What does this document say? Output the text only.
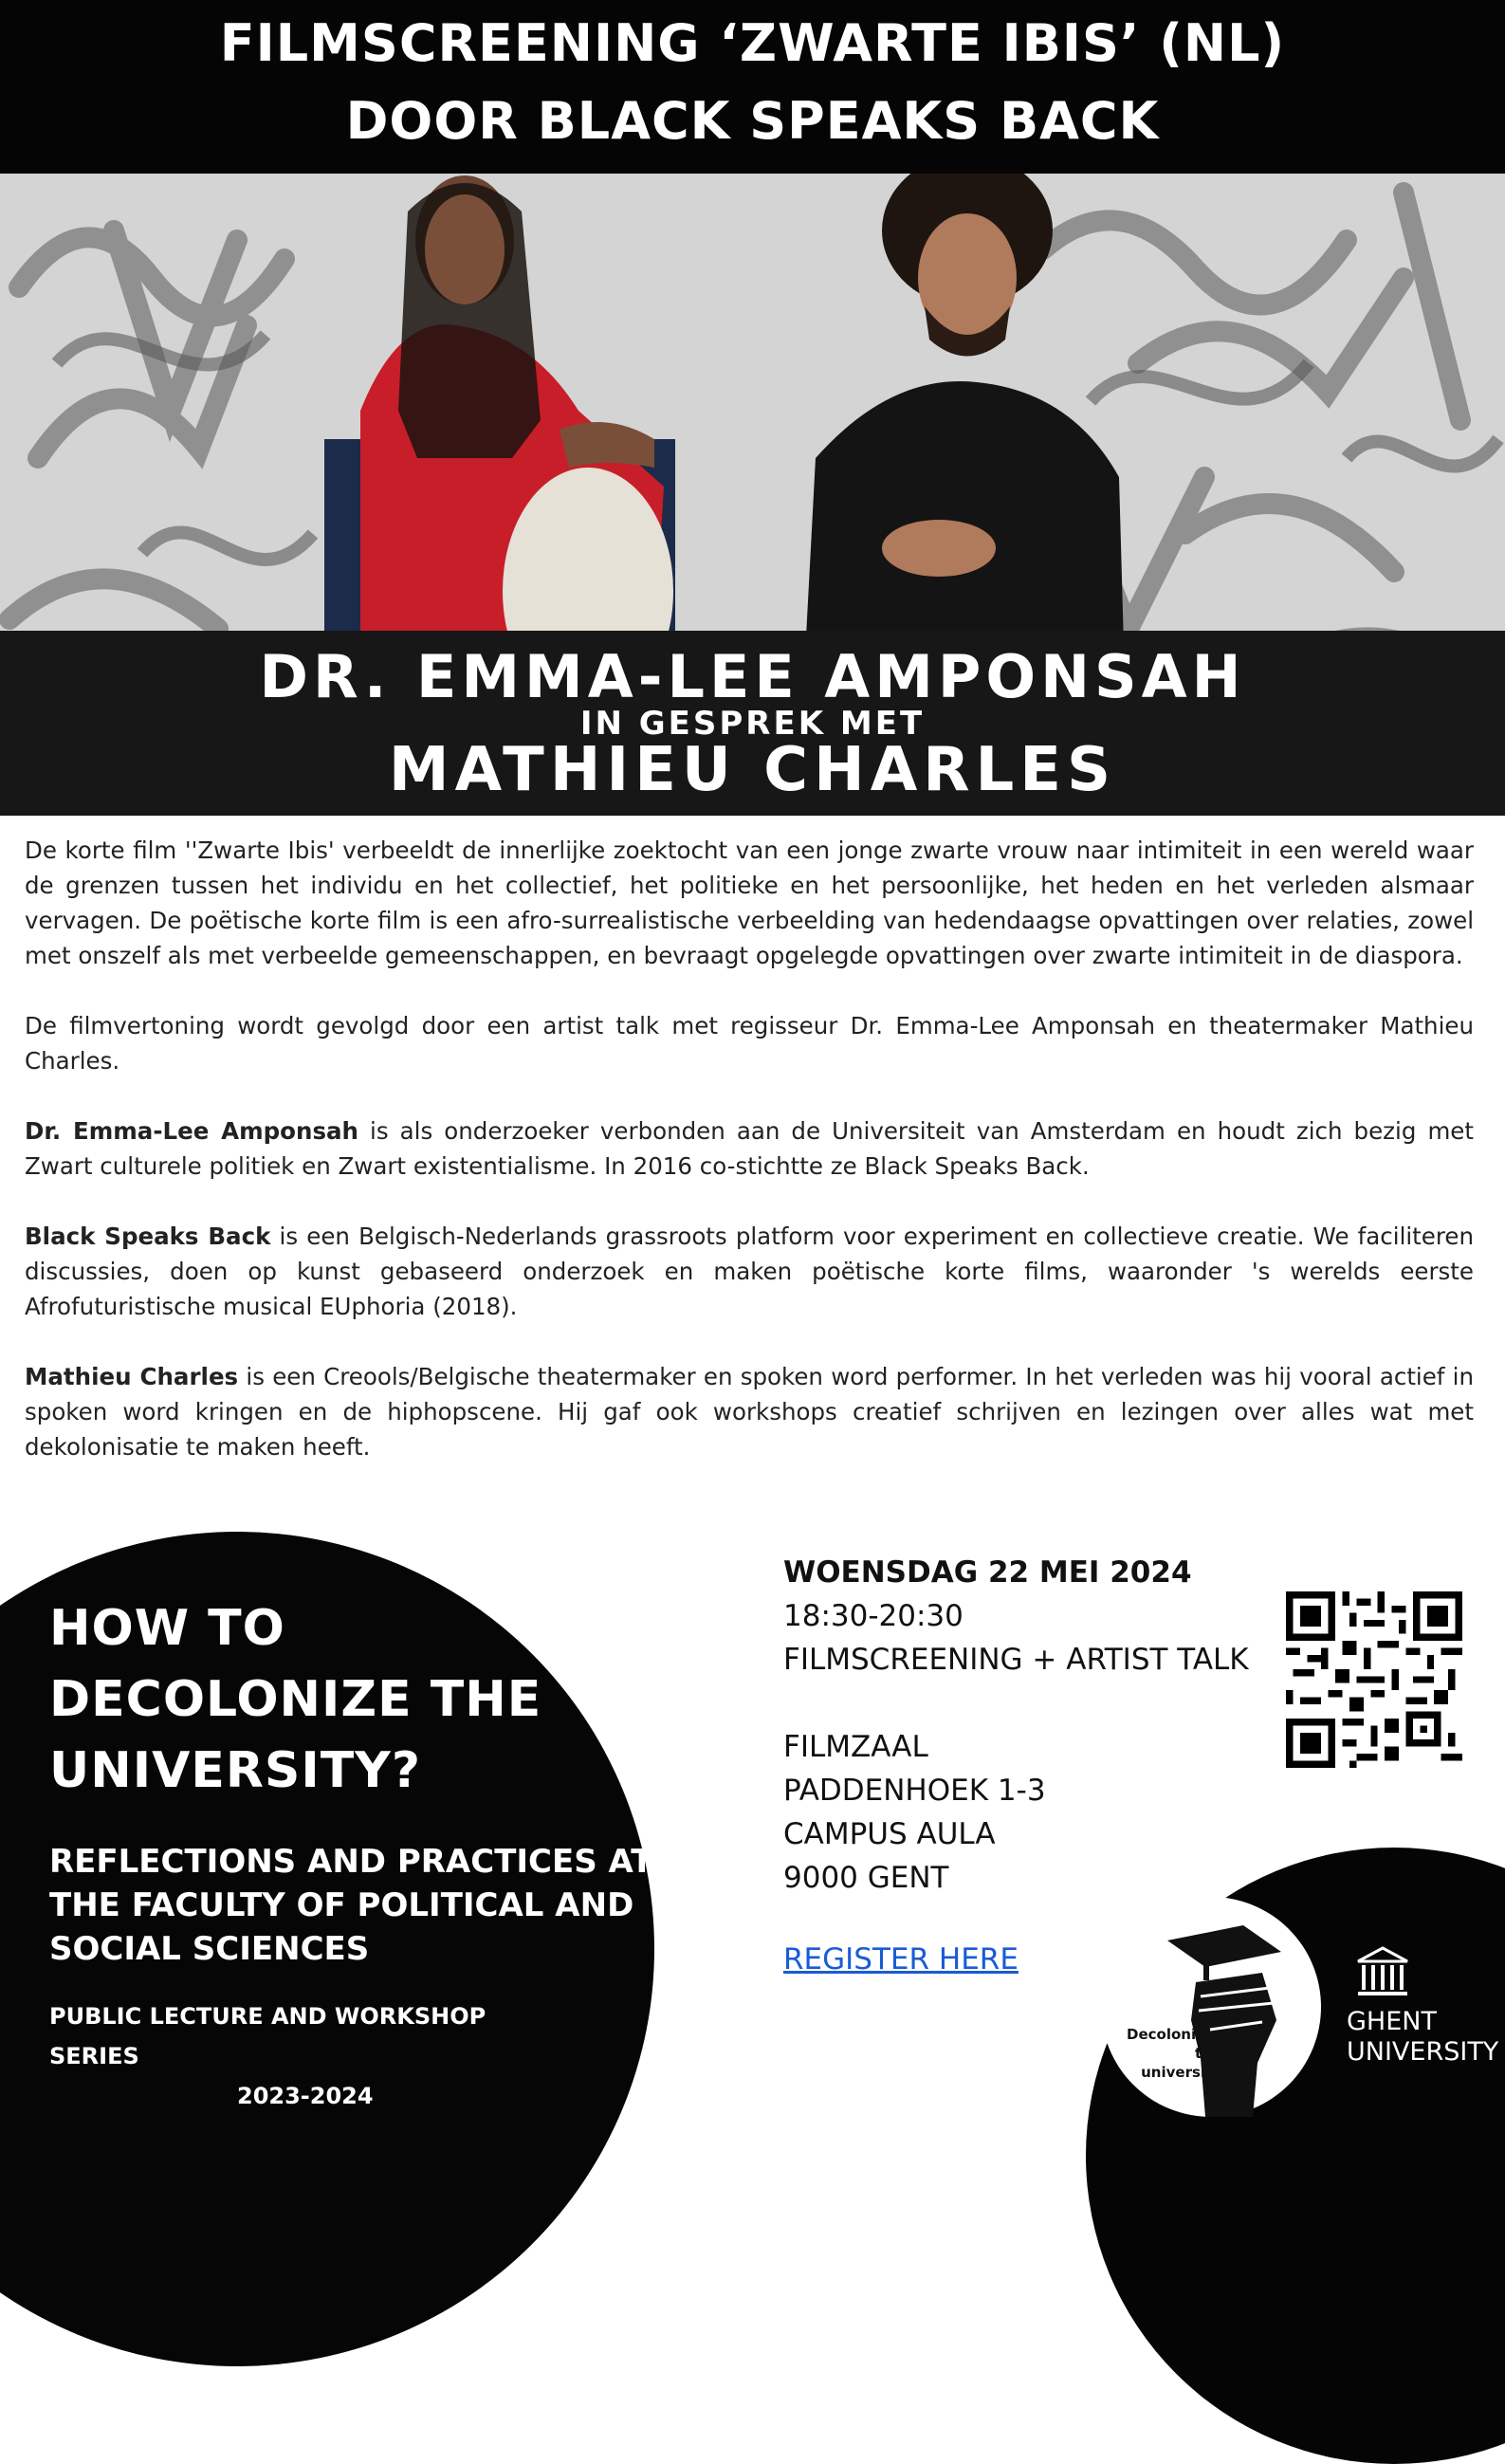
FILMSCREENING ‘ZWARTE IBIS’ (NL)
DOOR BLACK SPEAKS BACK
DR. EMMA-LEE AMPONSAH
IN GESPREK MET
MATHIEU CHARLES

De korte film ''Zwarte Ibis' verbeeldt de innerlijke zoektocht van een jonge zwarte vrouw naar intimiteit in een wereld waar de grenzen tussen het individu en het collectief, het politieke en het persoonlijke, het heden en het verleden alsmaar vervagen. De poëtische korte film is een afro-surrealistische verbeelding van hedendaagse opvattingen over relaties, zowel met onszelf als met verbeelde gemeenschappen, en bevraagt opgelegde opvattingen over zwarte intimiteit in de diaspora.

De filmvertoning wordt gevolgd door een artist talk met regisseur Dr. Emma-Lee Amponsah en theatermaker Mathieu Charles.

Dr. Emma-Lee Amponsah is als onderzoeker verbonden aan de Universiteit van Amsterdam en houdt zich bezig met Zwart culturele politiek en Zwart existentialisme. In 2016 co-stichtte ze Black Speaks Back.

Black Speaks Back is een Belgisch-Nederlands grassroots platform voor experiment en collectieve creatie. We faciliteren discussies, doen op kunst gebaseerd onderzoek en maken poëtische korte films, waaronder 's werelds eerste Afrofuturistische musical EUphoria (2018).

Mathieu Charles is een Creools/Belgische theatermaker en spoken word performer. In het verleden was hij vooral actief in spoken word kringen en de hiphopscene. Hij gaf ook workshops creatief schrijven en lezingen over alles wat met dekolonisatie te maken heeft.

HOW TO
DECOLONIZE THE
UNIVERSITY?
REFLECTIONS AND PRACTICES AT
THE FACULTY OF POLITICAL AND
SOCIAL SCIENCES
PUBLIC LECTURE AND WORKSHOP SERIES
2023-2024
WOENSDAG 22 MEI 2024
18:30-20:30
FILMSCREENING + ARTIST TALK
FILMZAAL
PADDENHOEK 1-3
CAMPUS AULA
9000 GENT
REGISTER HERE
Decolonizing
the
university
GHENT
UNIVERSITY
